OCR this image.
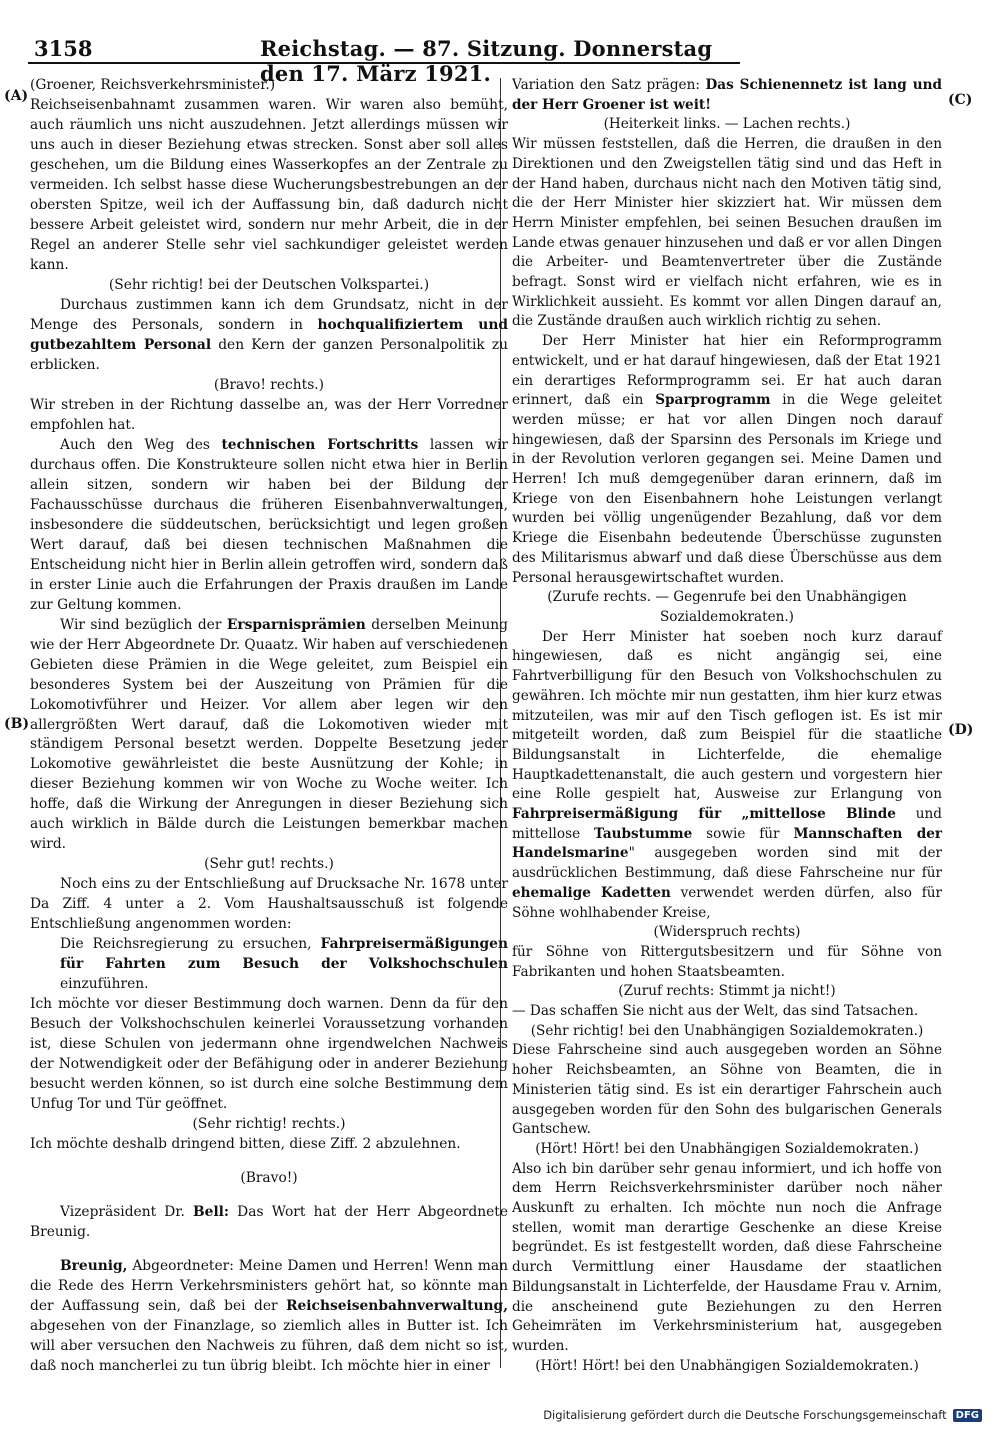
3158	Reichstag. — 87. Sitzung. Donnerstag den 17. März 1921.
(A)
(B)
(C)
(D)

(Groener, Reichsverkehrsminister.)

Reichseisenbahnamt zusammen waren. Wir waren also bemüht, auch räumlich uns nicht auszudehnen. Jetzt allerdings müssen wir uns auch in dieser Beziehung etwas strecken. Sonst aber soll alles geschehen, um die Bildung eines Wasserkopfes an der Zentrale zu vermeiden. Ich selbst hasse diese Wucherungsbestrebungen an der obersten Spitze, weil ich der Auffassung bin, daß dadurch nicht bessere Arbeit geleistet wird, sondern nur mehr Arbeit, die in der Regel an anderer Stelle sehr viel sachkundiger geleistet werden kann.

(Sehr richtig! bei der Deutschen Volkspartei.)

Durchaus zustimmen kann ich dem Grundsatz, nicht in der Menge des Personals, sondern in hochqualifiziertem und gutbezahltem Personal den Kern der ganzen Personalpolitik zu erblicken.

(Bravo! rechts.)

Wir streben in der Richtung dasselbe an, was der Herr Vorredner empfohlen hat.

Auch den Weg des technischen Fortschritts lassen wir durchaus offen. Die Konstrukteure sollen nicht etwa hier in Berlin allein sitzen, sondern wir haben bei der Bildung der Fachausschüsse durchaus die früheren Eisenbahnverwaltungen, insbesondere die süddeutschen, berücksichtigt und legen großen Wert darauf, daß bei diesen technischen Maßnahmen die Entscheidung nicht hier in Berlin allein getroffen wird, sondern daß in erster Linie auch die Erfahrungen der Praxis draußen im Lande zur Geltung kommen.

Wir sind bezüglich der Ersparnisprämien derselben Meinung wie der Herr Abgeordnete Dr. Quaatz. Wir haben auf verschiedenen Gebieten diese Prämien in die Wege geleitet, zum Beispiel ein besonderes System bei der Auszeitung von Prämien für die Lokomotivführer und Heizer. Vor allem aber legen wir den allergrößten Wert darauf, daß die Lokomotiven wieder mit ständigem Personal besetzt werden. Doppelte Besetzung jeder Lokomotive gewährleistet die beste Ausnützung der Kohle; in dieser Beziehung kommen wir von Woche zu Woche weiter. Ich hoffe, daß die Wirkung der Anregungen in dieser Beziehung sich auch wirklich in Bälde durch die Leistungen bemerkbar machen wird.

(Sehr gut! rechts.)

Noch eins zu der Entschließung auf Drucksache Nr. 1678 unter Da Ziff. 4 unter a 2. Vom Haushaltsausschuß ist folgende Entschließung angenommen worden:

Die Reichsregierung zu ersuchen, Fahrpreisermäßigungen für Fahrten zum Besuch der Volkshochschulen einzuführen.

Ich möchte vor dieser Bestimmung doch warnen. Denn da für den Besuch der Volkshochschulen keinerlei Voraussetzung vorhanden ist, diese Schulen von jedermann ohne irgendwelchen Nachweis der Notwendigkeit oder der Befähigung oder in anderer Beziehung besucht werden können, so ist durch eine solche Bestimmung dem Unfug Tor und Tür geöffnet.

(Sehr richtig! rechts.)

Ich möchte deshalb dringend bitten, diese Ziff. 2 abzulehnen.

(Bravo!)

Vizepräsident Dr. Bell: Das Wort hat der Herr Abgeordnete Breunig.

Breunig, Abgeordneter: Meine Damen und Herren! Wenn man die Rede des Herrn Verkehrsministers gehört hat, so könnte man der Auffassung sein, daß bei der Reichseisenbahnverwaltung, abgesehen von der Finanzlage, so ziemlich alles in Butter ist. Ich will aber versuchen den Nachweis zu führen, daß dem nicht so ist, daß noch mancherlei zu tun übrig bleibt. Ich möchte hier in einer

Variation den Satz prägen: Das Schienennetz ist lang und der Herr Groener ist weit!

(Heiterkeit links. — Lachen rechts.)

Wir müssen feststellen, daß die Herren, die draußen in den Direktionen und den Zweigstellen tätig sind und das Heft in der Hand haben, durchaus nicht nach den Motiven tätig sind, die der Herr Minister hier skizziert hat. Wir müssen dem Herrn Minister empfehlen, bei seinen Besuchen draußen im Lande etwas genauer hinzusehen und daß er vor allen Dingen die Arbeiter- und Beamtenvertreter über die Zustände befragt. Sonst wird er vielfach nicht erfahren, wie es in Wirklichkeit aussieht. Es kommt vor allen Dingen darauf an, die Zustände draußen auch wirklich richtig zu sehen.

Der Herr Minister hat hier ein Reformprogramm entwickelt, und er hat darauf hingewiesen, daß der Etat 1921 ein derartiges Reformprogramm sei. Er hat auch daran erinnert, daß ein Sparprogramm in die Wege geleitet werden müsse; er hat vor allen Dingen noch darauf hingewiesen, daß der Sparsinn des Personals im Kriege und in der Revolution verloren gegangen sei. Meine Damen und Herren! Ich muß demgegenüber daran erinnern, daß im Kriege von den Eisenbahnern hohe Leistungen verlangt wurden bei völlig ungenügender Bezahlung, daß vor dem Kriege die Eisenbahn bedeutende Überschüsse zugunsten des Militarismus abwarf und daß diese Überschüsse aus dem Personal herausgewirtschaftet wurden.

(Zurufe rechts. — Gegenrufe bei den Unabhängigen Sozialdemokraten.)

Der Herr Minister hat soeben noch kurz darauf hingewiesen, daß es nicht angängig sei, eine Fahrtverbilligung für den Besuch von Volkshochschulen zu gewähren. Ich möchte mir nun gestatten, ihm hier kurz etwas mitzuteilen, was mir auf den Tisch geflogen ist. Es ist mir mitgeteilt worden, daß zum Beispiel für die staatliche Bildungsanstalt in Lichterfelde, die ehemalige Hauptkadettenanstalt, die auch gestern und vorgestern hier eine Rolle gespielt hat, Ausweise zur Erlangung von Fahrpreisermäßigung für „mittellose Blinde und mittellose Taubstumme sowie für Mannschaften der Handelsmarine" ausgegeben worden sind mit der ausdrücklichen Bestimmung, daß diese Fahrscheine nur für ehemalige Kadetten verwendet werden dürfen, also für Söhne wohlhabender Kreise,

(Widerspruch rechts)

für Söhne von Rittergutsbesitzern und für Söhne von Fabrikanten und hohen Staatsbeamten.

(Zuruf rechts: Stimmt ja nicht!)

— Das schaffen Sie nicht aus der Welt, das sind Tatsachen.

(Sehr richtig! bei den Unabhängigen Sozialdemokraten.)

Diese Fahrscheine sind auch ausgegeben worden an Söhne hoher Reichsbeamten, an Söhne von Beamten, die in Ministerien tätig sind. Es ist ein derartiger Fahrschein auch ausgegeben worden für den Sohn des bulgarischen Generals Gantschew.

(Hört! Hört! bei den Unabhängigen Sozialdemokraten.)

Also ich bin darüber sehr genau informiert, und ich hoffe von dem Herrn Reichsverkehrsminister darüber noch näher Auskunft zu erhalten. Ich möchte nun noch die Anfrage stellen, womit man derartige Geschenke an diese Kreise begründet. Es ist festgestellt worden, daß diese Fahrscheine durch Vermittlung einer Hausdame der staatlichen Bildungsanstalt in Lichterfelde, der Hausdame Frau v. Arnim, die anscheinend gute Beziehungen zu den Herren Geheimräten im Verkehrsministerium hat, ausgegeben wurden.

(Hört! Hört! bei den Unabhängigen Sozialdemokraten.)

Digitalisierung gefördert durch die Deutsche Forschungsgemeinschaft DFG
